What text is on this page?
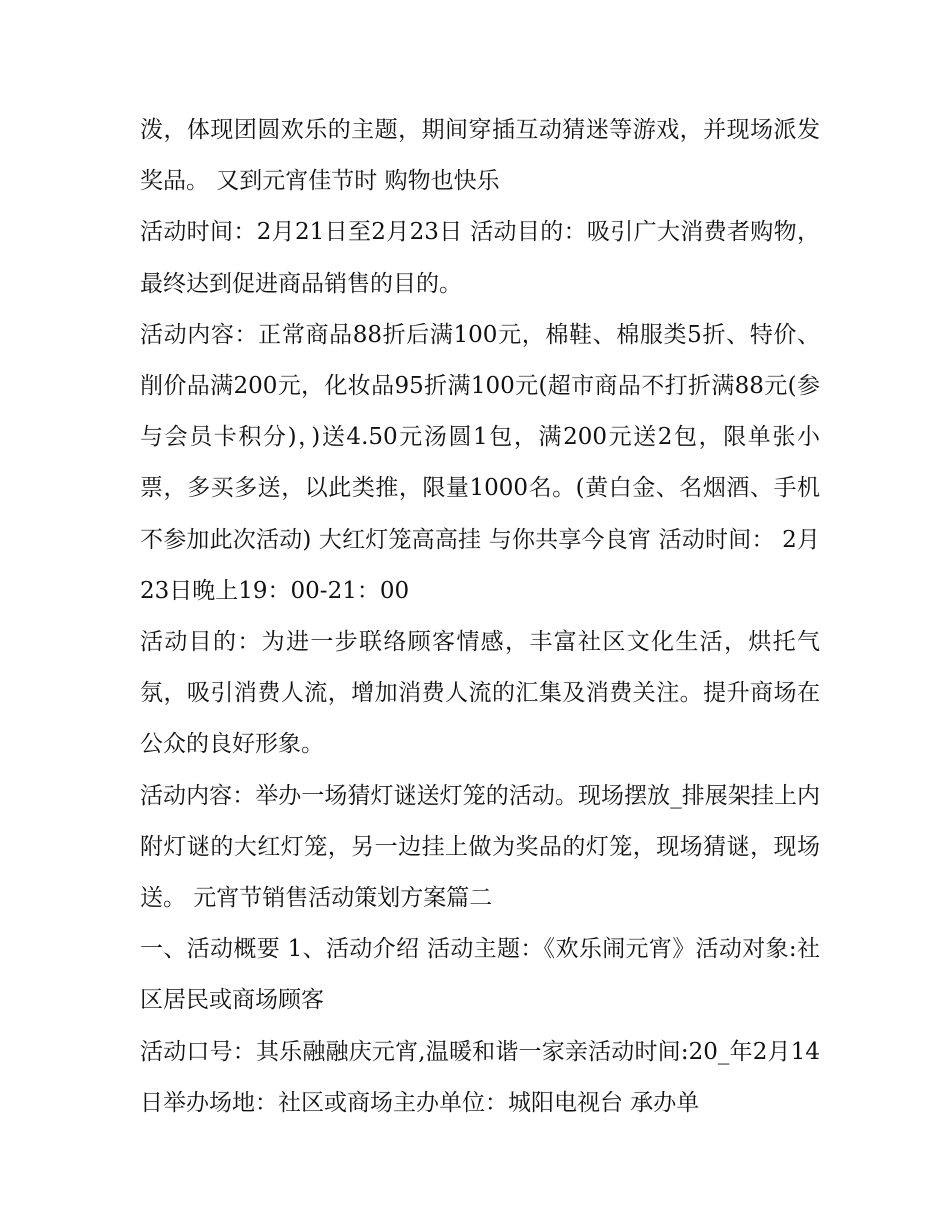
泼，体现团圆欢乐的主题，期间穿插互动猜迷等游戏，并现场派发奖品。 又到元宵佳节时 购物也快乐

活动时间：2月21日至2月23日 活动目的：吸引广大消费者购物，最终达到促进商品销售的目的。

活动内容：正常商品88折后满100元，棉鞋、棉服类5折、特价、削价品满200元，化妆品95折满100元(超市商品不打折满88元(参与会员卡积分)，)送4.50元汤圆1包，满200元送2包，限单张小票，多买多送，以此类推，限量1000名。(黄白金、名烟酒、手机不参加此次活动) 大红灯笼高高挂 与你共享今良宵 活动时间： 2月23日晚上19：00-21：00

活动目的：为进一步联络顾客情感，丰富社区文化生活，烘托气氛，吸引消费人流，增加消费人流的汇集及消费关注。提升商场在公众的良好形象。

活动内容：举办一场猜灯谜送灯笼的活动。现场摆放_排展架挂上内附灯谜的大红灯笼，另一边挂上做为奖品的灯笼，现场猜谜，现场送。 元宵节销售活动策划方案篇二

一、活动概要 1、活动介绍 活动主题：《欢乐闹元宵》活动对象:社区居民或商场顾客

活动口号：其乐融融庆元宵,温暖和谐一家亲活动时间:20_年2月14日举办场地：社区或商场主办单位：城阳电视台 承办单
